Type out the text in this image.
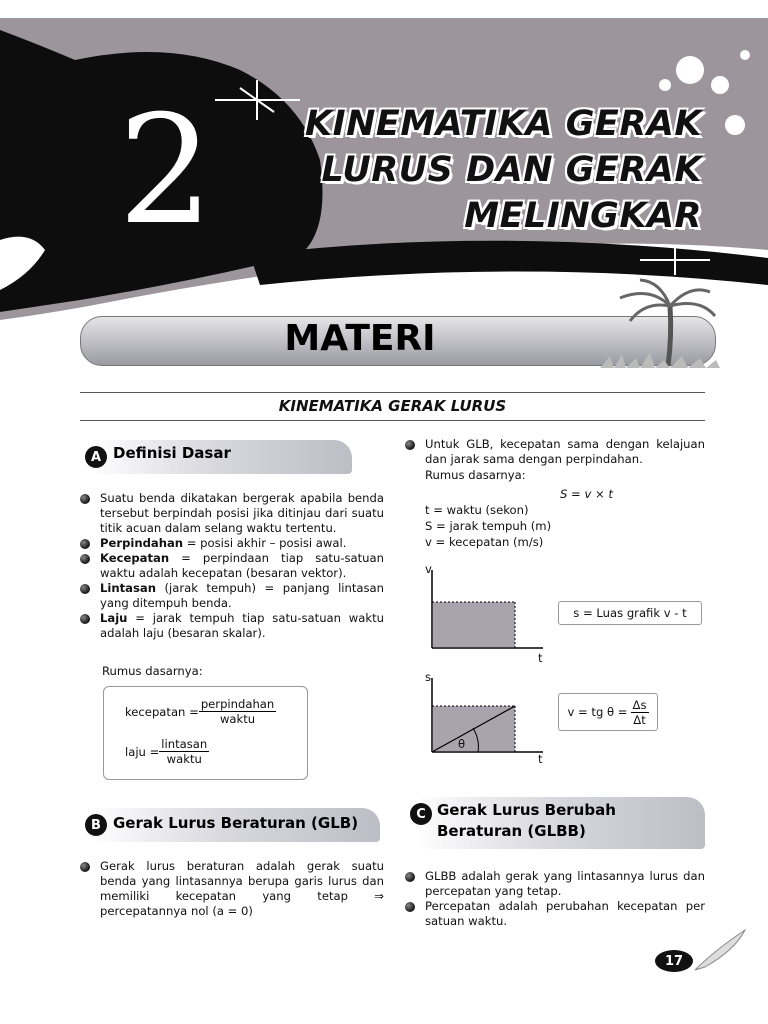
2	KINEMATIKA GERAK
LURUS DAN GERAK
MELINGKAR
MATERI
KINEMATIKA GERAK LURUS
A Definisi Dasar
Suatu benda dikatakan bergerak apabila benda tersebut berpindah posisi jika ditinjau dari suatu titik acuan dalam selang waktu tertentu.
Perpindahan = posisi akhir – posisi awal.
Kecepatan = perpindaan tiap satu-satuan waktu adalah kecepatan (besaran vektor).
Lintasan (jarak tempuh) = panjang lintasan yang ditempuh benda.
Laju = jarak tempuh tiap satu-satuan waktu adalah laju (besaran skalar).
Rumus dasarnya:
kecepatan = $\frac{\text{perpindahan}}{\text{waktu}}$
laju = $\frac{\text{lintasan}}{\text{waktu}}$
Untuk GLB, kecepatan sama dengan kelajuan dan jarak sama dengan perpindahan.
Rumus dasarnya:
S = v × t
t = waktu (sekon)
S = jarak tempuh (m)
v = kecepatan (m/s)
v
t
s = Luas grafik v - t
s
θ
t
v = tg $\theta = \frac{\Delta s}{\Delta t}$
B Gerak Lurus Beraturan (GLB)
Gerak lurus beraturan adalah gerak suatu benda yang lintasannya berupa garis lurus dan memiliki kecepatan yang tetap ⇒ percepatannya nol (a = 0)
C Gerak Lurus Berubah
Beraturan (GLBB)
GLBB adalah gerak yang lintasannya lurus dan percepatan yang tetap.
Percepatan adalah perubahan kecepatan per satuan waktu.
17
